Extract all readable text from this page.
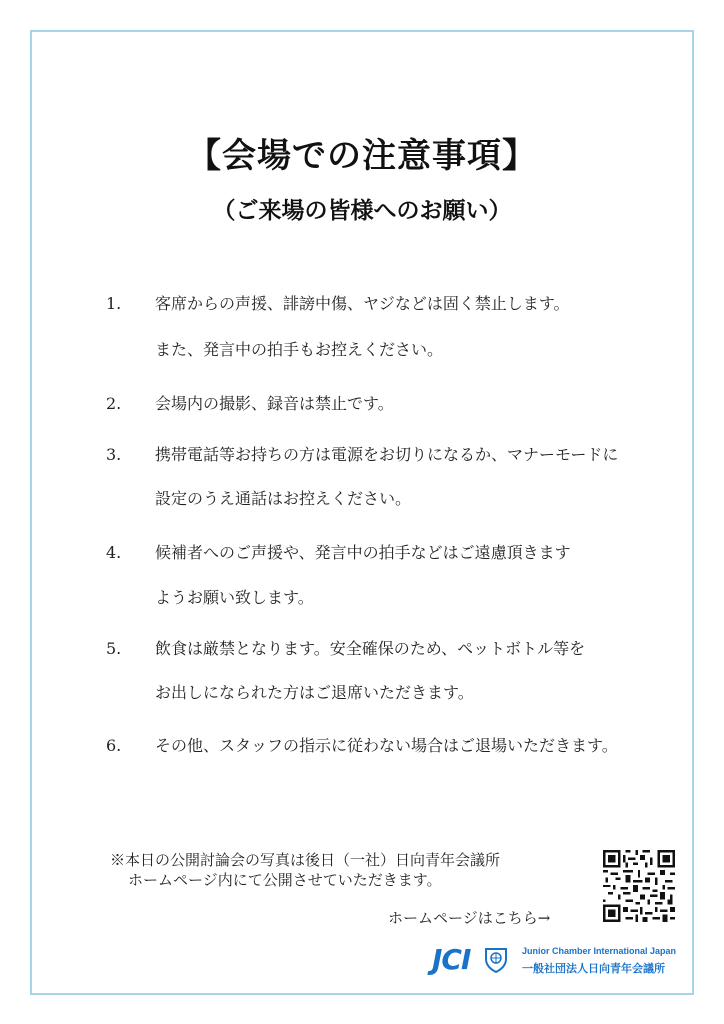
【会場での注意事項】
（ご来場の皆様へのお願い）
1.	客席からの声援、誹謗中傷、ヤジなどは固く禁止します。
また、発言中の拍手もお控えください。
2.	会場内の撮影、録音は禁止です。
3.	携帯電話等お持ちの方は電源をお切りになるか、マナーモードに
設定のうえ通話はお控えください。
4.	候補者へのご声援や、発言中の拍手などはご遠慮頂きます
ようお願い致します。
5.	飲食は厳禁となります。安全確保のため、ペットボトル等を
お出しになられた方はご退席いただきます。
6.	その他、スタッフの指示に従わない場合はご退場いただきます。
※本日の公開討論会の写真は後日（一社）日向青年会議所
ホームページ内にて公開させていただきます。
ホームページはこちら→
JCI	Junior Chamber International Japan
一般社団法人日向青年会議所
